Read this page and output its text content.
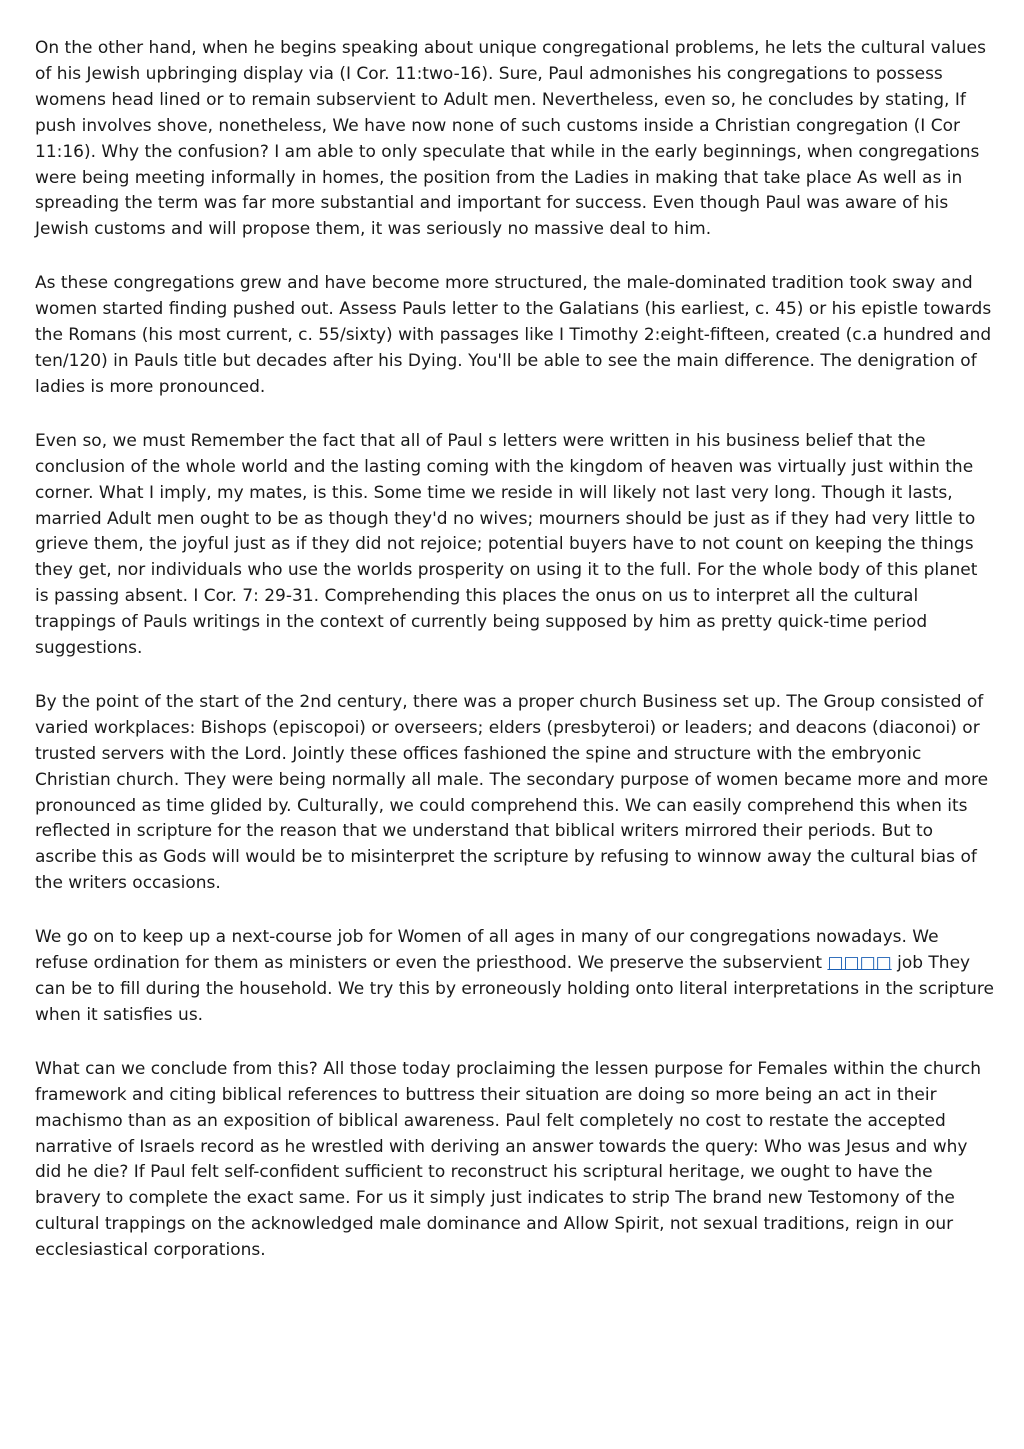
On the other hand, when he begins speaking about unique congregational problems, he lets the cultural values of his Jewish upbringing display via (I Cor. 11:two-16). Sure, Paul admonishes his congregations to possess womens head lined or to remain subservient to Adult men. Nevertheless, even so, he concludes by stating, If push involves shove, nonetheless, We have now none of such customs inside a Christian congregation (I Cor 11:16). Why the confusion? I am able to only speculate that while in the early beginnings, when congregations were being meeting informally in homes, the position from the Ladies in making that take place As well as in spreading the term was far more substantial and important for success. Even though Paul was aware of his Jewish customs and will propose them, it was seriously no massive deal to him.

As these congregations grew and have become more structured, the male-dominated tradition took sway and women started finding pushed out. Assess Pauls letter to the Galatians (his earliest, c. 45) or his epistle towards the Romans (his most current, c. 55/sixty) with passages like I Timothy 2:eight-fifteen, created (c.a hundred and ten/120) in Pauls title but decades after his Dying. You'll be able to see the main difference. The denigration of ladies is more pronounced.

Even so, we must Remember the fact that all of Paul s letters were written in his business belief that the conclusion of the whole world and the lasting coming with the kingdom of heaven was virtually just within the corner. What I imply, my mates, is this. Some time we reside in will likely not last very long. Though it lasts, married Adult men ought to be as though they'd no wives; mourners should be just as if they had very little to grieve them, the joyful just as if they did not rejoice; potential buyers have to not count on keeping the things they get, nor individuals who use the worlds prosperity on using it to the full. For the whole body of this planet is passing absent. I Cor. 7: 29-31. Comprehending this places the onus on us to interpret all the cultural trappings of Pauls writings in the context of currently being supposed by him as pretty quick-time period suggestions.

By the point of the start of the 2nd century, there was a proper church Business set up. The Group consisted of varied workplaces: Bishops (episcopoi) or overseers; elders (presbyteroi) or leaders; and deacons (diaconoi) or trusted servers with the Lord. Jointly these offices fashioned the spine and structure with the embryonic Christian church. They were being normally all male. The secondary purpose of women became more and more pronounced as time glided by. Culturally, we could comprehend this. We can easily comprehend this when its reflected in scripture for the reason that we understand that biblical writers mirrored their periods. But to ascribe this as Gods will would be to misinterpret the scripture by refusing to winnow away the cultural bias of the writers occasions.

We go on to keep up a next-course job for Women of all ages in many of our congregations nowadays. We refuse ordination for them as ministers or even the priesthood. We preserve the subservient □□□□ job They can be to fill during the household. We try this by erroneously holding onto literal interpretations in the scripture when it satisfies us.

What can we conclude from this? All those today proclaiming the lessen purpose for Females within the church framework and citing biblical references to buttress their situation are doing so more being an act in their machismo than as an exposition of biblical awareness. Paul felt completely no cost to restate the accepted narrative of Israels record as he wrestled with deriving an answer towards the query: Who was Jesus and why did he die? If Paul felt self-confident sufficient to reconstruct his scriptural heritage, we ought to have the bravery to complete the exact same. For us it simply just indicates to strip The brand new Testomony of the cultural trappings on the acknowledged male dominance and Allow Spirit, not sexual traditions, reign in our ecclesiastical corporations.
